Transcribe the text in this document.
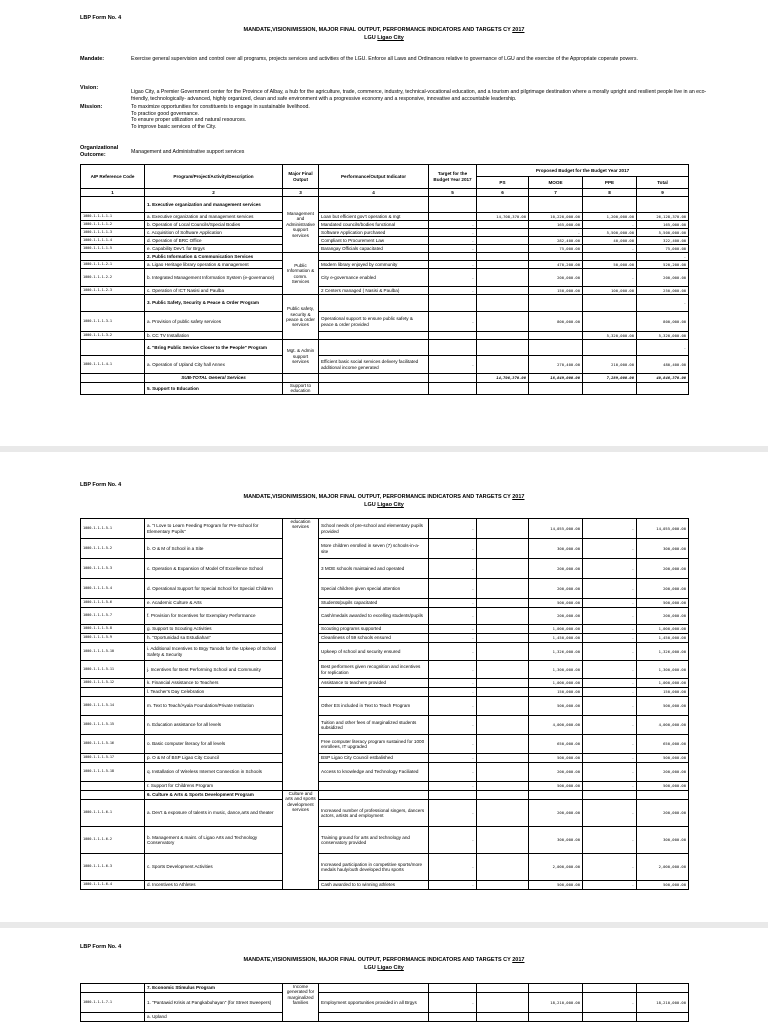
LBP Form No. 4
MANDATE,VISION/MISSION, MAJOR FINAL OUTPUT, PERFORMANCE INDICATORS AND TARGETS CY 2017
LGU Ligao City
Mandate:	Exercise general supervision and control over all programs, projects services and activities of the LGU. Enforce all Laws and Ordinances relative to governance of LGU and the exercise of the Appropriate coperate powers.
Vision:
Ligao City, a Premier Government center for the Province of Albay, a hub for the agriculture, trade, commerce, industry, technical-vocational education, and a tourism and pilgrimage destination where a morally upright and resilient people live in an eco-friendly, technologically- advanced, highly organized, clean and safe environment with a progressive economy and a responsive, innovative and accountable leadership.
Mission:	To maximize opportunities for constituents to engage in sustainable livelihood.
To practice good governance.
To ensure proper utilization and natural resources.
To improve basic services of the City.
Organizational
Outcome:	Management and Administrative support services
AIP Reference Code	Program/Project/Activity/Description	Major Final Output	Performance/Output Indicator	Target for the Budget Year 2017	Proposed Budget for the Budget Year 2017			
					PS	MOOE	PPE	Total
1	2	3	4	5	6	7	8	9
	1. Executive organization and management services	Management and Administrative support services						
1000-1-1-1-1-1	a. Executive organization and management services		Loan but efficient gov't operation & mgt		14,708,370.00	10,220,000.00	1,200,000.00	26,128,370.00
1000-1-1-1-1-2	b. Operation of Local Councils/Special Bodies		Mandated councils/bodies functional	-		165,000.00	-	165,000.00
1000-1-1-1-1-3	c. Acquisition of Software Application		Software Application purchased	-		-	5,500,000.00	5,500,000.00
1000-1-1-1-1-4	d. Operation of BRC Office		Compliant to Procurement Law	-		282,400.00	40,000.00	322,400.00
1000-1-1-1-1-5	e. Capability Dev't. for Brgys		Barangay Officials capacitated	-		75,000.00	-	75,000.00
	2. Public Information & Communication Services	Public Information & comm. Services						-
1000-1-1-1-2-1	a. Ligao Heritage library operation & management		Modern library enjoyed by community	-		470,200.00	50,000.00	520,200.00
1000-1-1-1-2-2	b. Integrated Management Information System (e-governance)		City e-governance enabled	-		200,000.00	-	200,000.00
1000-1-1-1-2-3	c. Operation of ICT Nasisi and Paulba		2 Centers managed ( Nasisi & Paulba)	-		150,000.00	100,000.00	250,000.00
	3. Public Safety, Security & Peace & Order Program	Public safety, security & peace & order services						-
1000-1-1-1-3-1	a. Provision of public safety services		Operational support to ensure public safety & peace & order provided	-		800,000.00		800,000.00
1000-1-1-1-3-2	b. CC TV Installation						5,320,000.00	5,320,000.00
	4. "Bring Public Service Closer to the People" Program	Mgt. & Admin support services						-
1000-1-1-1-4-1	a. Operation of Upland City hall Annex		Efficient basic social services delivery facilitated additional income generated	-		270,400.00	210,000.00	480,400.00
	SUB-TOTAL General Services				14,708,370.00	18,849,000.00	7,289,000.00	40,846,370.00
	5. Support to Education	Support to education						
LBP Form No. 4
MANDATE,VISION/MISSION, MAJOR FINAL OUTPUT, PERFORMANCE INDICATORS AND TARGETS CY 2017
LGU Ligao City
1000-1-1-1-5-1	a. "I Love to Learn Feeding Program for Pre-School for Elementary Pupils"	education services	School needs of pre-school and elementary pupils provided	-		14,055,000.00	-	14,055,000.00
1000-1-1-1-5-2	b. O & M of School in a Site		More children enrolled in seven (7) schools-in-a-site	-		300,000.00	-	300,000.00
1000-1-1-1-5-3	c. Operation & Expansion of Model Of Excellence School		3 MOE schools maintained and operated	-		200,000.00	-	200,000.00
1000-1-1-1-5-4	d. Operational Support for Special School for Special Children		Special children given special attention	-		200,000.00	-	200,000.00
1000-1-1-1-5-6	e. Academic Culture & Arts		Students/pupils capacitated	-		500,000.00	-	500,000.00
1000-1-1-1-5-7	f. Provision for Incentives for Exemplary Performance		Cash/medals awarded to excelling students/pupils	-		200,000.00	-	200,000.00
1000-1-1-1-5-8	g. Support to Scouting Activities		Scouting programs supported	-		1,000,000.00	-	1,000,000.00
1000-1-1-1-5-9	h. "Oportunidad sa Estudiahan"		Cleanliness of 59 schools ensured	-		1,450,000.00	-	1,450,000.00
1000-1-1-1-5-10	i. Additional Incentives to Brgy Tanods for the Upkeep of School Safety & Security		Upkeep of school and security ensured	-		1,326,000.00	-	1,326,000.00
1000-1-1-1-5-11	j. Incentives for Best Performing School and Community		Best performers given recognition and incentives for replication	-		1,300,000.00	-	1,300,000.00
1000-1-1-1-5-12	k. Financial Assistance to Teachers		Assistance to teachers provided	-		1,000,000.00	-	1,000,000.00
	l. Teacher's Day Celebration			-		150,000.00	-	150,000.00
1000-1-1-1-5-14	m. Text to Teach/Ayala Foundation/Private Institution		Other ES included in Text to Teach Program	-		500,000.00	-	500,000.00
1000-1-1-1-5-15	n. Education assistance for all levels		Tuition and other fees of marginalized students subsidized	-		4,000,000.00	-	4,000,000.00
1000-1-1-1-5-16	o. Basic computer literacy for all levels		Free computer literacy program sustained for 1000 enrollees, IT upgraded	-		650,000.00	-	650,000.00
1000-1-1-1-5-17	p. O & M of BSP Ligao City Council		BSP Ligao City Council estbalished	-		500,000.00	-	500,000.00
1000-1-1-1-5-18	q. Installation of Wireless Internet Connection in Schools		Access to knowledge and Technology Faciliated	-		200,000.00	-	200,000.00
	r. Support for Childrens Program			-		500,000.00	-	500,000.00
	6. Culture & Arts & Sports Development Program	Culture and arts and sports development services						
1000-1-1-1-6-1	a. Dev't & exposure of talents in music, dance,arts and theater		Increased number of professional singers, dancers actors, artists and employment	-		200,000.00	-	200,000.00
1000-1-1-1-6-2	b. Management & maint. of Ligao Arts and Technology Conservatory		Training ground for arts and technology and conservatory provided	-		300,000.00	-	300,000.00
1000-1-1-1-6-3	c. Sports Development Activities		Increased participation in competitive sports/more medals hauly/outh developed thru sports	-		2,000,000.00	-	2,000,000.00
1000-1-1-1-6-4	d. Incentives to Athletes		Cash awarded to to winning athletes	-		500,000.00	-	500,000.00
LBP Form No. 4
MANDATE,VISION/MISSION, MAJOR FINAL OUTPUT, PERFORMANCE INDICATORS AND TARGETS CY 2017
LGU Ligao City
	7. Economic Stimulus Program	Income generated for marginalized families						
1000-1-1-1-7-1	1. "Pantawid Krisis at Pangkabuhayan" (for Street Sweepers)		Employment opportunities provided in all Brgys	-		18,210,000.00	-	18,210,000.00
	a. Upland							
